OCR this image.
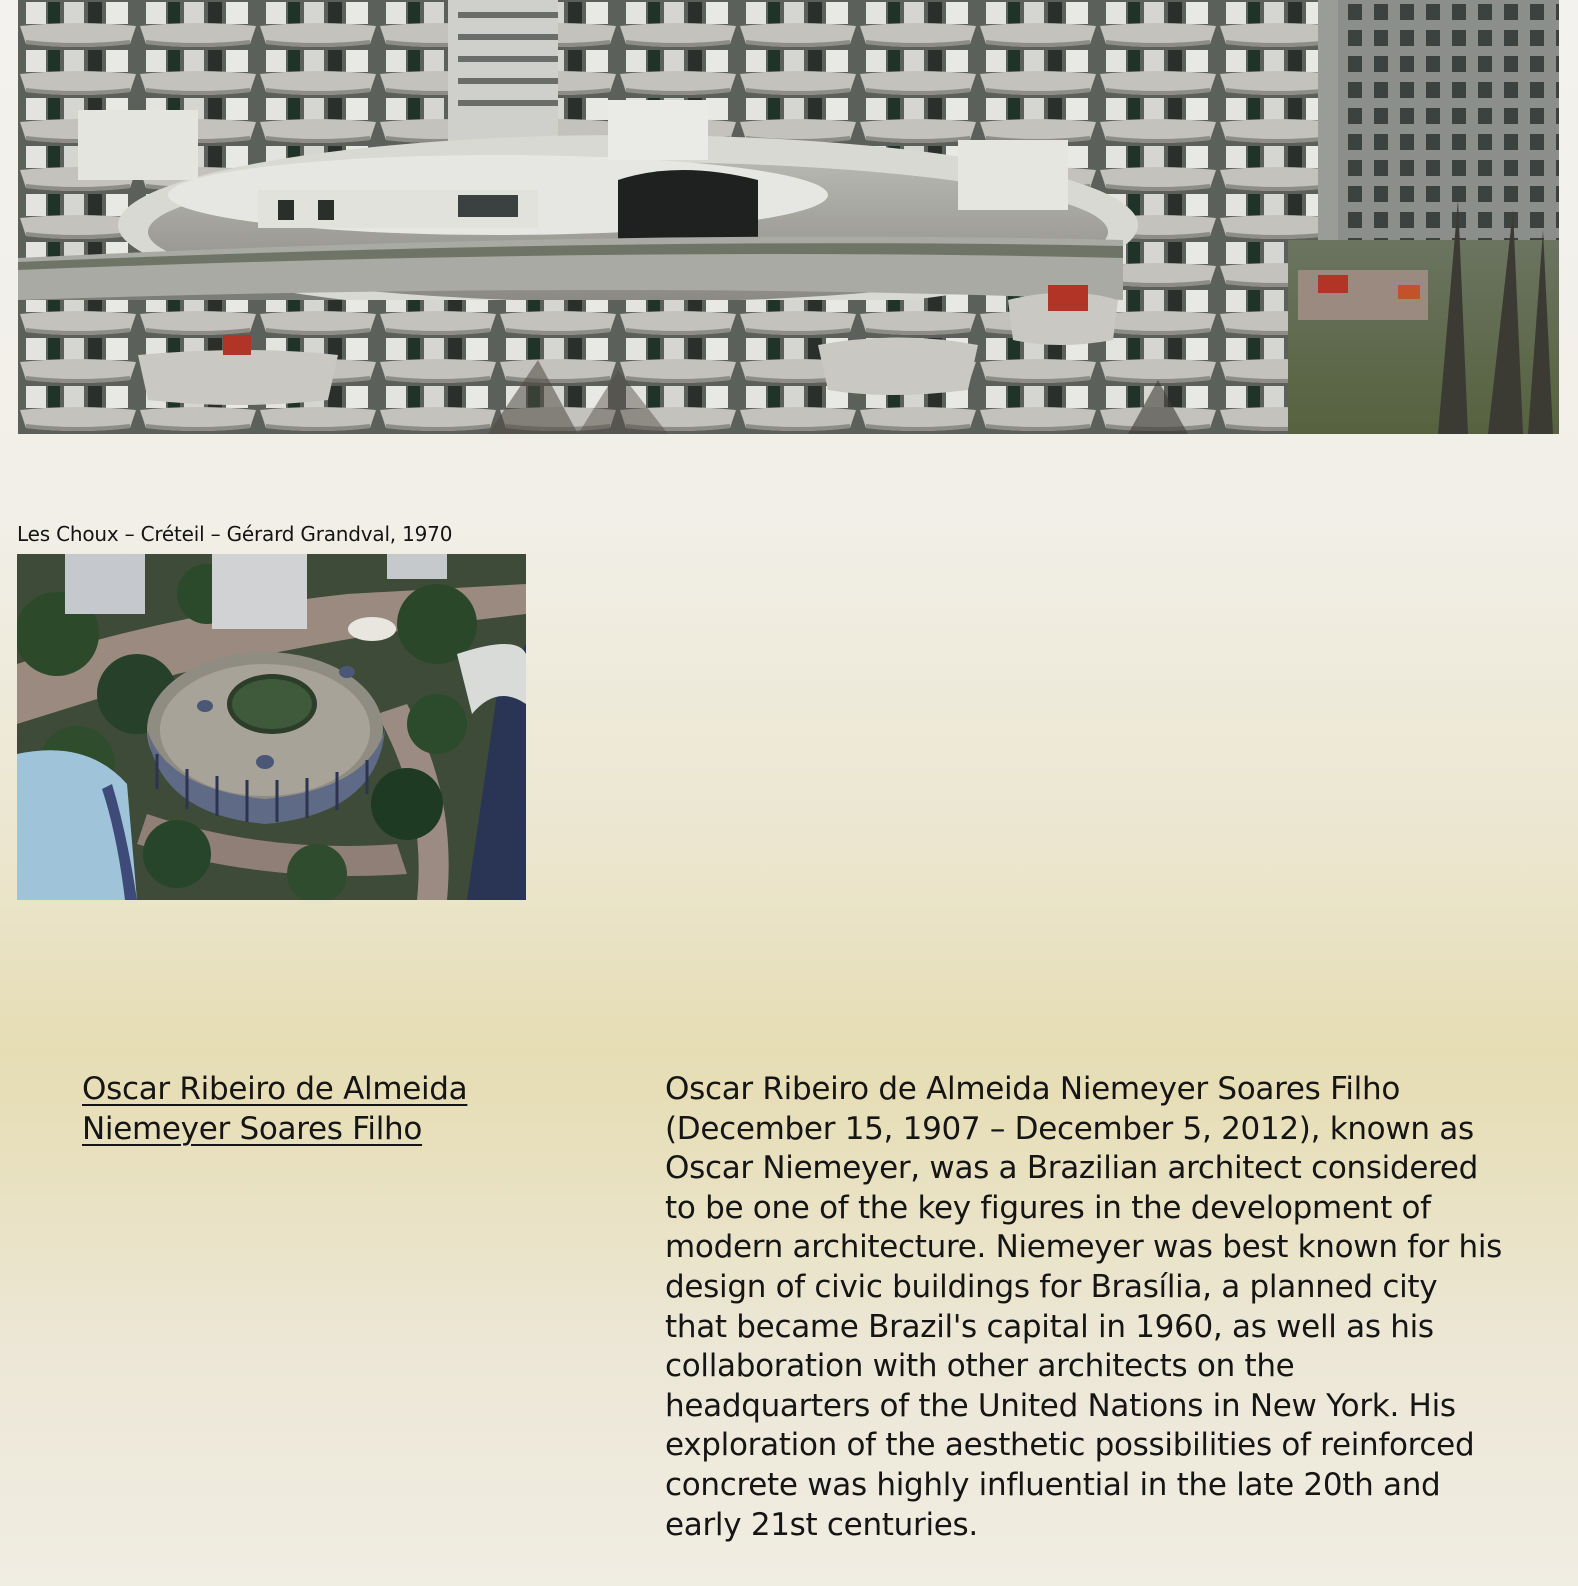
Les Choux – Créteil – Gérard Grandval, 1970
Oscar Ribeiro de Almeida Niemeyer Soares Filho

Oscar Ribeiro de Almeida Niemeyer Soares Filho (December 15, 1907 – December 5, 2012), known as Oscar Niemeyer, was a Brazilian architect considered to be one of the key figures in the development of modern architecture. Niemeyer was best known for his design of civic buildings for Brasília, a planned city that became Brazil's capital in 1960, as well as his collaboration with other architects on the headquarters of the United Nations in New York. His exploration of the aesthetic possibilities of reinforced concrete was highly influential in the late 20th and early 21st centuries.
